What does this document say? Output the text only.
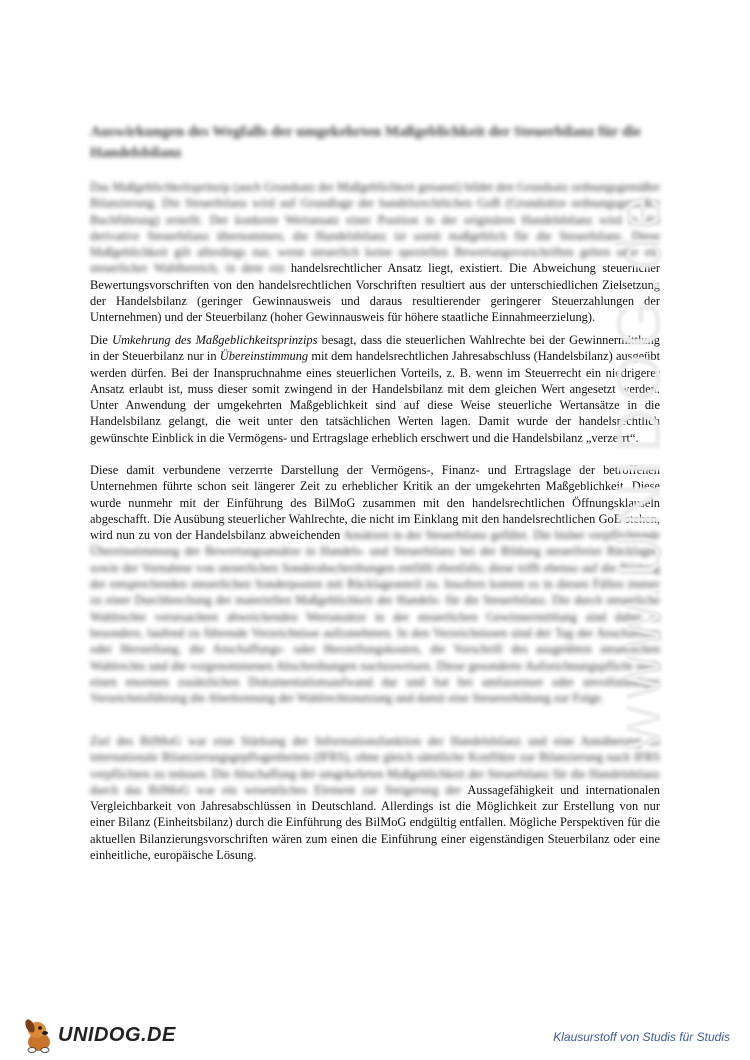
Auswirkungen des Wegfalls der umgekehrten Maßgeblichkeit der Steuerbilanz für die Handelsbilanz

Das Maßgeblichkeitsprinzip (auch Grundsatz der Maßgeblichkeit genannt) bildet den Grundsatz ordnungsgemäßer Bilanzierung. Die Steuerbilanz wird auf Grundlage der handelsrechtlichen GoB (Grundsätze ordnungsgemäßer Buchführung) erstellt. Der konkrete Wertansatz einer Position in der originären Handelsbilanz wird in die derivative Steuerbilanz übernommen, die Handelsbilanz ist somit maßgeblich für die Steuerbilanz. Diese Maßgeblichkeit gilt allerdings nur, wenn steuerlich keine speziellen Bewertungsvorschriften gelten oder ein steuerlicher Wahlbereich, in dem ein handelsrechtlicher Ansatz liegt, existiert. Die Abweichung steuerlicher Bewertungsvorschriften von den handelsrechtlichen Vorschriften resultiert aus der unterschiedlichen Zielsetzung der Handelsbilanz (geringer Gewinnausweis und daraus resultierender geringerer Steuerzahlungen der Unternehmen) und der Steuerbilanz (hoher Gewinnausweis für höhere staatliche Einnahmeerzielung).

Die Umkehrung des Maßgeblichkeitsprinzips besagt, dass die steuerlichen Wahlrechte bei der Gewinnermittlung in der Steuerbilanz nur in Übereinstimmung mit dem handelsrechtlichen Jahresabschluss (Handelsbilanz) ausgeübt werden dürfen. Bei der Inanspruchnahme eines steuerlichen Vorteils, z. B. wenn im Steuerrecht ein niedrigerer Ansatz erlaubt ist, muss dieser somit zwingend in der Handelsbilanz mit dem gleichen Wert angesetzt werden. Unter Anwendung der umgekehrten Maßgeblichkeit sind auf diese Weise steuerliche Wertansätze in die Handelsbilanz gelangt, die weit unter den tatsächlichen Werten lagen. Damit wurde der handelsrechtlich gewünschte Einblick in die Vermögens- und Ertragslage erheblich erschwert und die Handelsbilanz „verzerrt“.

Diese damit verbundene verzerrte Darstellung der Vermögens-, Finanz- und Ertragslage der betroffenen Unternehmen führte schon seit längerer Zeit zu erheblicher Kritik an der umgekehrten Maßgeblichkeit. Diese wurde nunmehr mit der Einführung des BilMoG zusammen mit den handelsrechtlichen Öffnungsklauseln abgeschafft. Die Ausübung steuerlicher Wahlrechte, die nicht im Einklang mit den handelsrechtlichen GoB stehen, wird nun zu von der Handelsbilanz abweichenden Ansätzen in der Steuerbilanz geführt. Die bisher verpflichtende Übereinstimmung der Bewertungsansätze in Handels- und Steuerbilanz bei der Bildung steuerfreier Rücklagen sowie der Vornahme von steuerlichen Sonderabschreibungen entfällt ebenfalls; diese trifft ebenso auf die Bildung der entsprechenden steuerlichen Sonderposten mit Rücklageanteil zu. Insofern kommt es in diesen Fällen immer zu einer Durchbrechung der materiellen Maßgeblichkeit der Handels- für die Steuerbilanz. Die durch steuerliche Wahlrechte verursachten abweichenden Wertansätze in der steuerlichen Gewinnermittlung sind dabei in besondere, laufend zu führende Verzeichnisse aufzunehmen. In den Verzeichnissen sind der Tag der Anschaffung oder Herstellung, die Anschaffungs- oder Herstellungskosten, die Vorschrift des ausgeübten steuerlichen Wahlrechts und die vorgenommenen Abschreibungen nachzuweisen. Diese gesonderte Aufzeichnungspflicht stellt einen enormen zusätzlichen Dokumentationsaufwand dar und hat bei umfassenser oder unvollständiger Verzeichnisführung die Aberkennung der Wahlrechtsnutzung und damit eine Steuererhöhung zur Folge.

Ziel des BilMoG war eine Stärkung der Informationsfunktion der Handelsbilanz und eine Annäherung an internationale Bilanzierungsgepflogenheiten (IFRS), ohne gleich sämtliche Konflikte zur Bilanzierung nach IFRS verpflichten zu müssen. Die Abschaffung der umgekehrten Maßgeblichkeit der Steuerbilanz für die Handelsbilanz durch das BilMoG war ein wesentliches Element zur Steigerung der Aussagefähigkeit und internationalen Vergleichbarkeit von Jahresabschlüssen in Deutschland. Allerdings ist die Möglichkeit zur Erstellung von nur einer Bilanz (Einheitsbilanz) durch die Einführung des BilMoG endgültig entfallen. Mögliche Perspektiven für die aktuellen Bilanzierungsvorschriften wären zum einen die Einführung einer eigenständigen Steuerbilanz oder eine einheitliche, europäische Lösung.

www.UNIDOG.de
UNIDOG.DE	Klausurstoff von Studis für Studis
